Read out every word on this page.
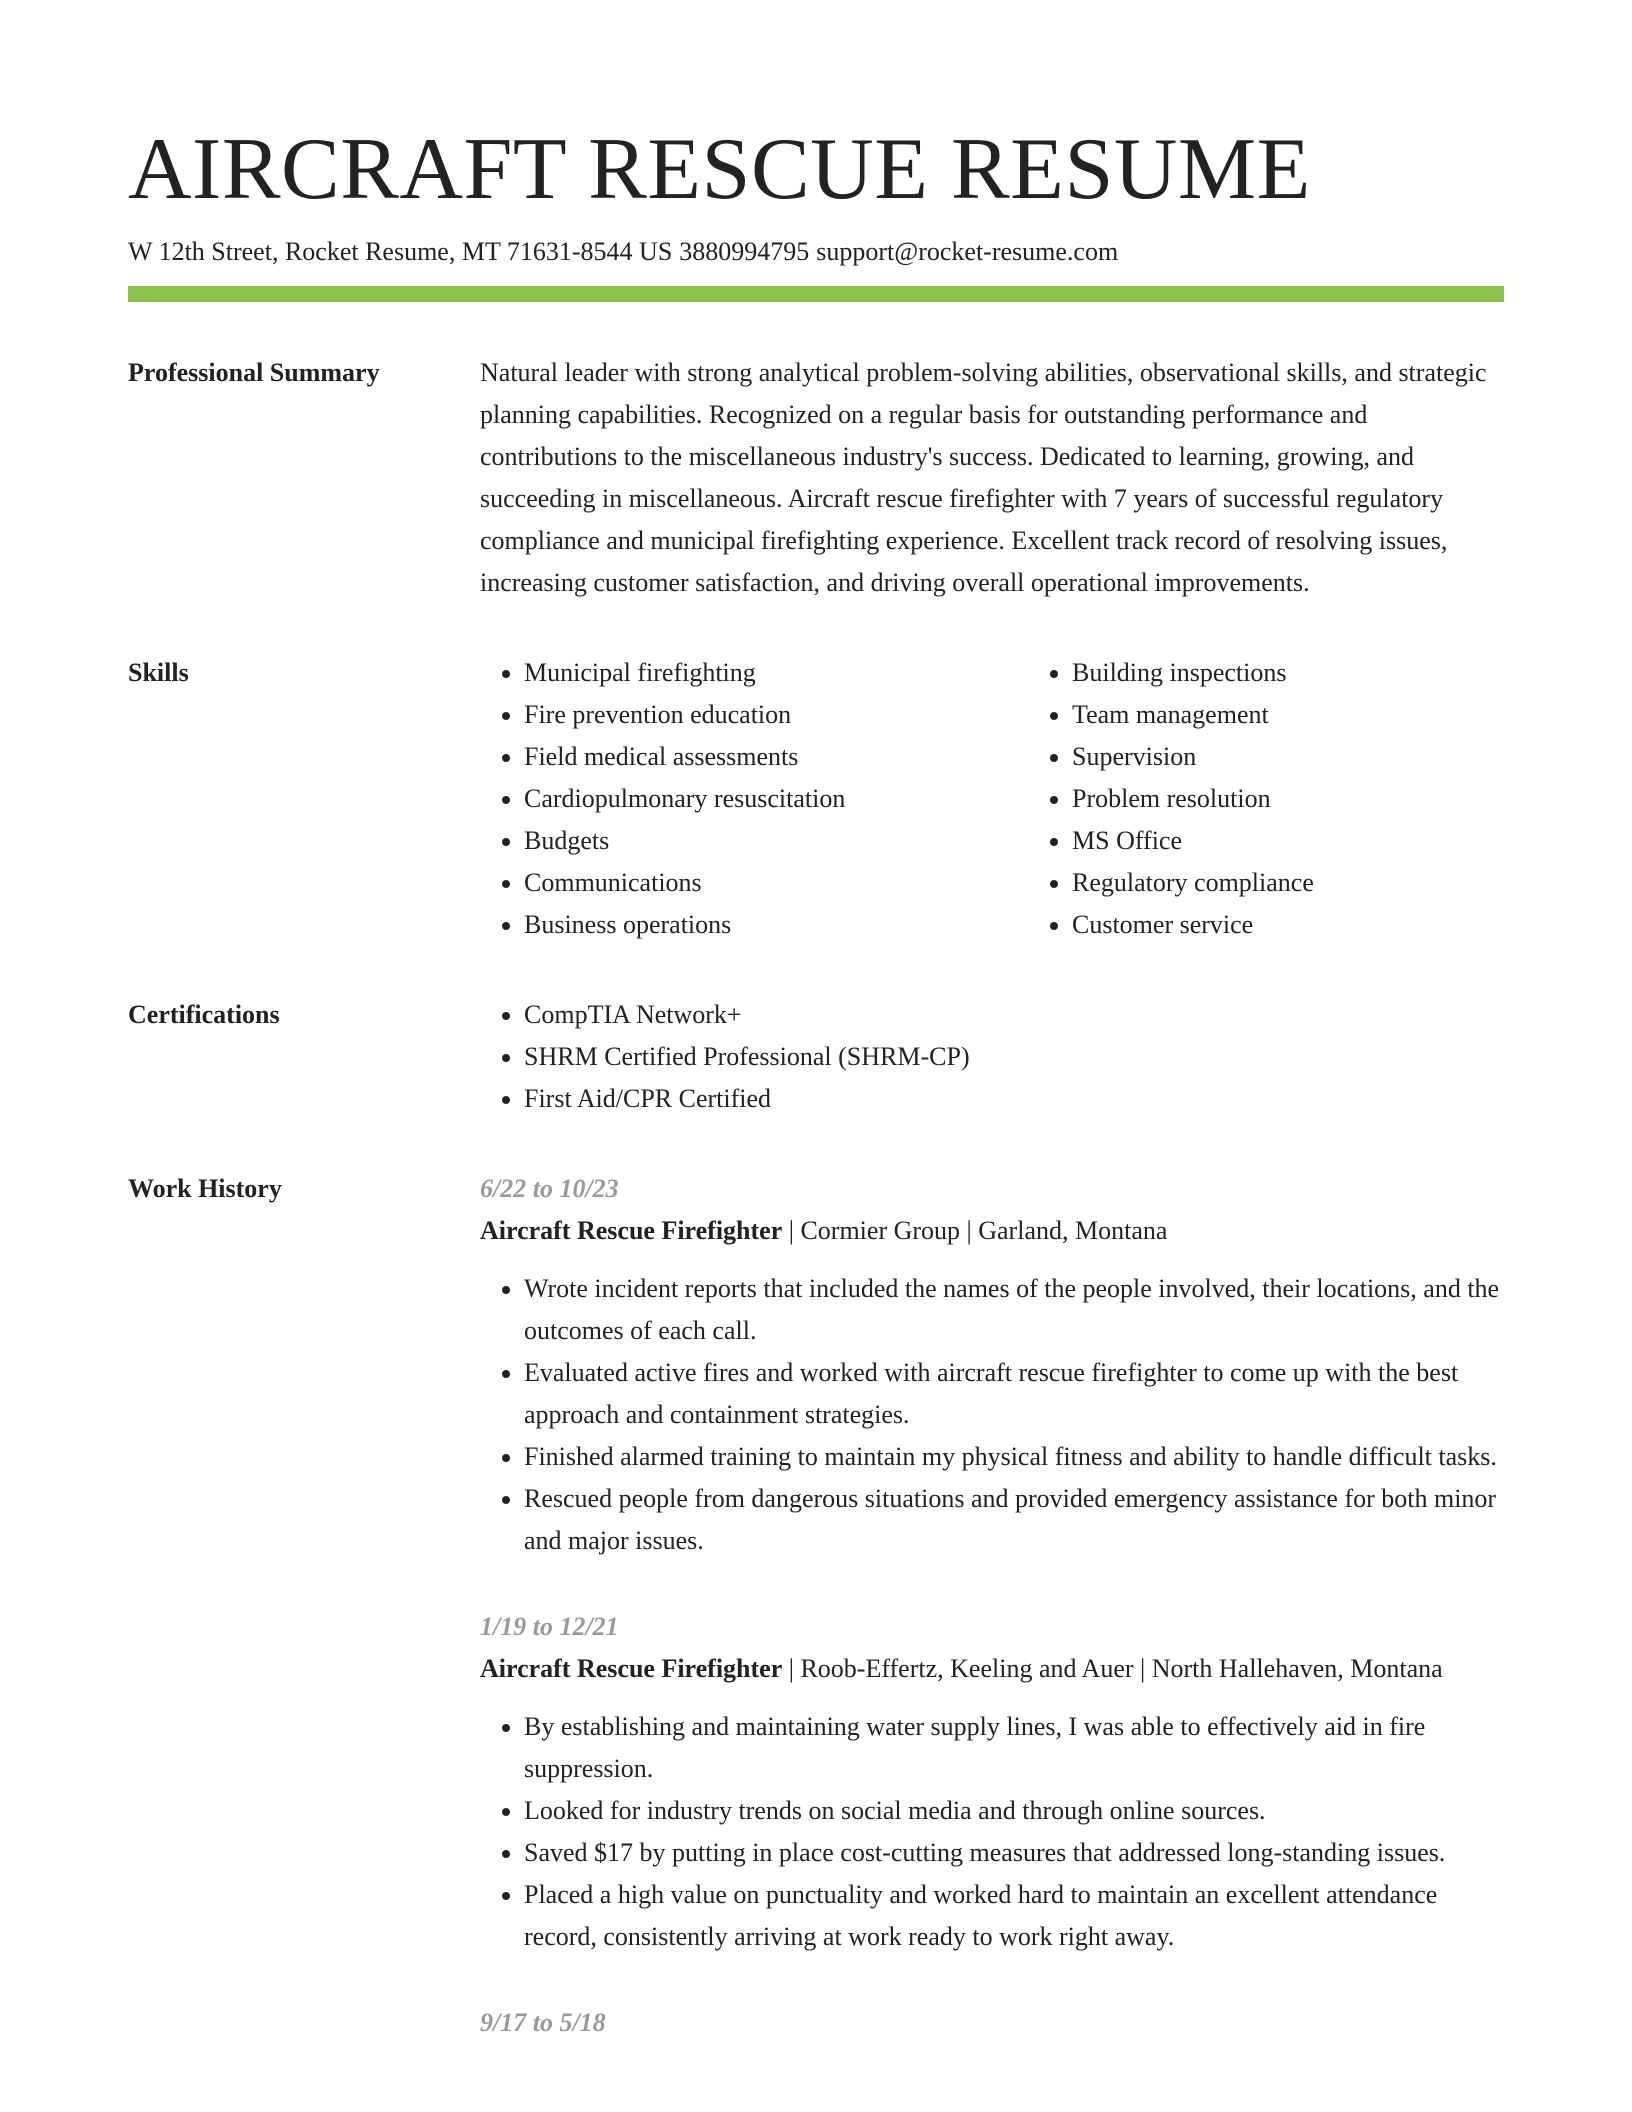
AIRCRAFT RESCUE RESUME
W 12th Street, Rocket Resume, MT 71631-8544 US 3880994795 support@rocket-resume.com
Professional Summary	Natural leader with strong analytical problem-solving abilities, observational skills, and strategic planning capabilities. Recognized on a regular basis for outstanding performance and contributions to the miscellaneous industry's success. Dedicated to learning, growing, and succeeding in miscellaneous. Aircraft rescue firefighter with 7 years of successful regulatory compliance and municipal firefighting experience. Excellent track record of resolving issues, increasing customer satisfaction, and driving overall operational improvements.

Skills	• Municipal firefighting
• Fire prevention education
• Field medical assessments
• Cardiopulmonary resuscitation
• Budgets
• Communications
• Business operations
• Building inspections
• Team management
• Supervision
• Problem resolution
• MS Office
• Regulatory compliance
• Customer service
Certifications	• CompTIA Network+
• SHRM Certified Professional (SHRM-CP)
• First Aid/CPR Certified
Work History	6/22 to 10/23
Aircraft Rescue Firefighter | Cormier Group | Garland, Montana
• Wrote incident reports that included the names of the people involved, their locations, and the outcomes of each call.
• Evaluated active fires and worked with aircraft rescue firefighter to come up with the best approach and containment strategies.
• Finished alarmed training to maintain my physical fitness and ability to handle difficult tasks.
• Rescued people from dangerous situations and provided emergency assistance for both minor and major issues.
1/19 to 12/21
Aircraft Rescue Firefighter | Roob-Effertz, Keeling and Auer | North Hallehaven, Montana
• By establishing and maintaining water supply lines, I was able to effectively aid in fire suppression.
• Looked for industry trends on social media and through online sources.
• Saved $17 by putting in place cost-cutting measures that addressed long-standing issues.
• Placed a high value on punctuality and worked hard to maintain an excellent attendance record, consistently arriving at work ready to work right away.
9/17 to 5/18
